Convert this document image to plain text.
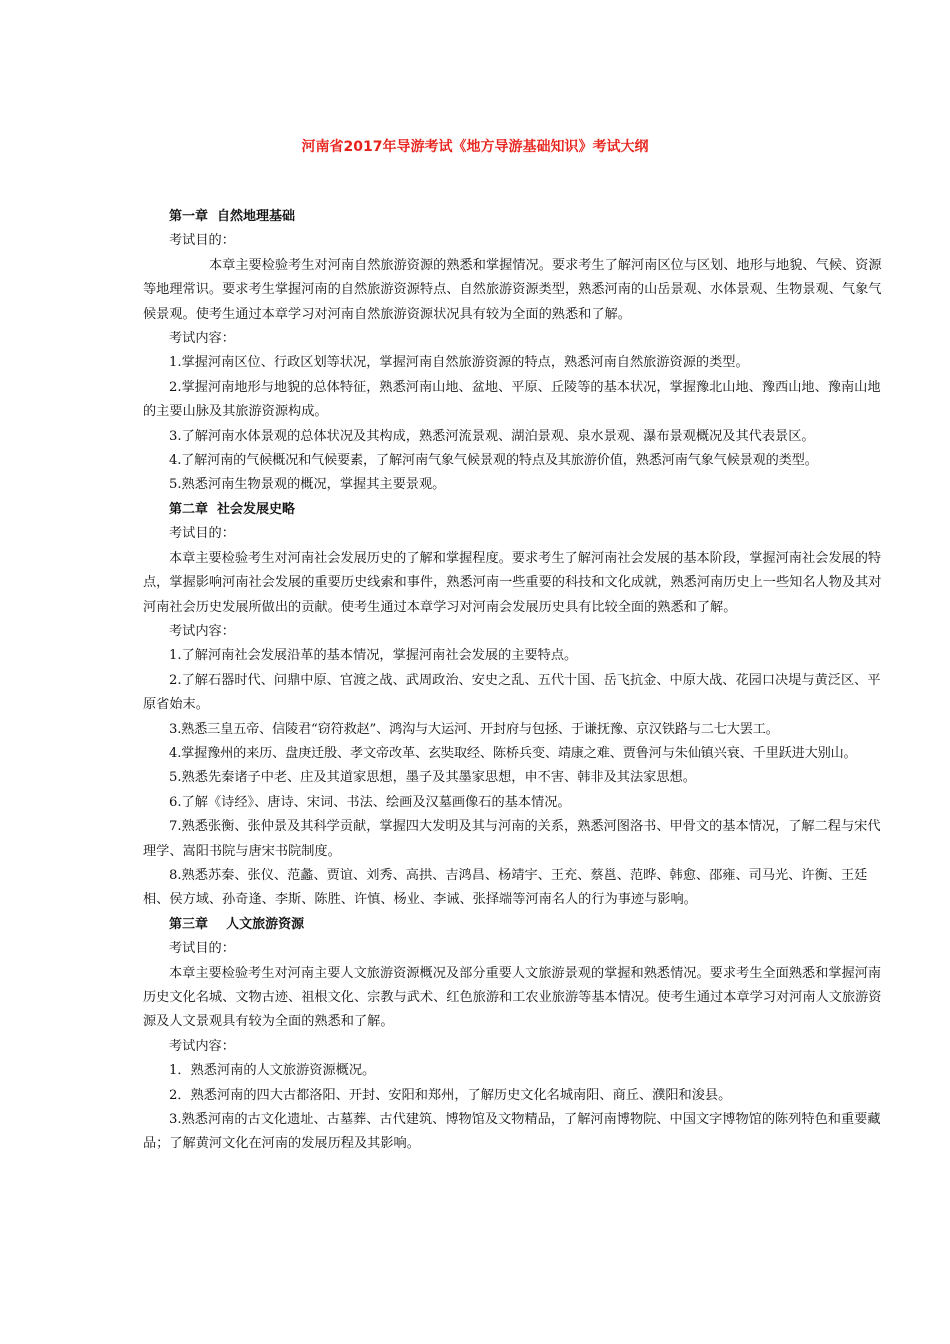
河南省2017年导游考试《地方导游基础知识》考试大纲

第一章  自然地理基础

考试目的：

本章主要检验考生对河南自然旅游资源的熟悉和掌握情况。要求考生了解河南区位与区划、地形与地貌、气候、资源等地理常识。要求考生掌握河南的自然旅游资源特点、自然旅游资源类型，熟悉河南的山岳景观、水体景观、生物景观、气象气候景观。使考生通过本章学习对河南自然旅游资源状况具有较为全面的熟悉和了解。

考试内容：

1.掌握河南区位、行政区划等状况，掌握河南自然旅游资源的特点，熟悉河南自然旅游资源的类型。

2.掌握河南地形与地貌的总体特征，熟悉河南山地、盆地、平原、丘陵等的基本状况，掌握豫北山地、豫西山地、豫南山地的主要山脉及其旅游资源构成。

3.了解河南水体景观的总体状况及其构成，熟悉河流景观、湖泊景观、泉水景观、瀑布景观概况及其代表景区。

4.了解河南的气候概况和气候要素，了解河南气象气候景观的特点及其旅游价值，熟悉河南气象气候景观的类型。

5.熟悉河南生物景观的概况，掌握其主要景观。

第二章  社会发展史略

考试目的：

本章主要检验考生对河南社会发展历史的了解和掌握程度。要求考生了解河南社会发展的基本阶段，掌握河南社会发展的特点，掌握影响河南社会发展的重要历史线索和事件，熟悉河南一些重要的科技和文化成就，熟悉河南历史上一些知名人物及其对河南社会历史发展所做出的贡献。使考生通过本章学习对河南会发展历史具有比较全面的熟悉和了解。

考试内容：

1.了解河南社会发展沿革的基本情况，掌握河南社会发展的主要特点。

2.了解石器时代、问鼎中原、官渡之战、武周政治、安史之乱、五代十国、岳飞抗金、中原大战、花园口决堤与黄泛区、平原省始末。

3.熟悉三皇五帝、信陵君“窃符救赵”、鸿沟与大运河、开封府与包拯、于谦抚豫、京汉铁路与二七大罢工。

4.掌握豫州的来历、盘庚迁殷、孝文帝改革、玄奘取经、陈桥兵变、靖康之难、贾鲁河与朱仙镇兴衰、千里跃进大别山。

5.熟悉先秦诸子中老、庄及其道家思想，墨子及其墨家思想，申不害、韩非及其法家思想。

6.了解《诗经》、唐诗、宋词、书法、绘画及汉墓画像石的基本情况。

7.熟悉张衡、张仲景及其科学贡献，掌握四大发明及其与河南的关系，熟悉河图洛书、甲骨文的基本情况，了解二程与宋代理学、嵩阳书院与唐宋书院制度。

8.熟悉苏秦、张仪、范蠡、贾谊、刘秀、高拱、吉鸿昌、杨靖宇、王充、蔡邕、范晔、韩愈、邵雍、司马光、许衡、王廷相、侯方域、孙奇逢、李斯、陈胜、许慎、杨业、李诫、张择端等河南名人的行为事迹与影响。

第三章    人文旅游资源

考试目的：

本章主要检验考生对河南主要人文旅游资源概况及部分重要人文旅游景观的掌握和熟悉情况。要求考生全面熟悉和掌握河南历史文化名城、文物古迹、祖根文化、宗教与武术、红色旅游和工农业旅游等基本情况。使考生通过本章学习对河南人文旅游资源及人文景观具有较为全面的熟悉和了解。

考试内容：

1．熟悉河南的人文旅游资源概况。

2．熟悉河南的四大古都洛阳、开封、安阳和郑州，了解历史文化名城南阳、商丘、濮阳和浚县。

3.熟悉河南的古文化遗址、古墓葬、古代建筑、博物馆及文物精品，了解河南博物院、中国文字博物馆的陈列特色和重要藏品；了解黄河文化在河南的发展历程及其影响。
